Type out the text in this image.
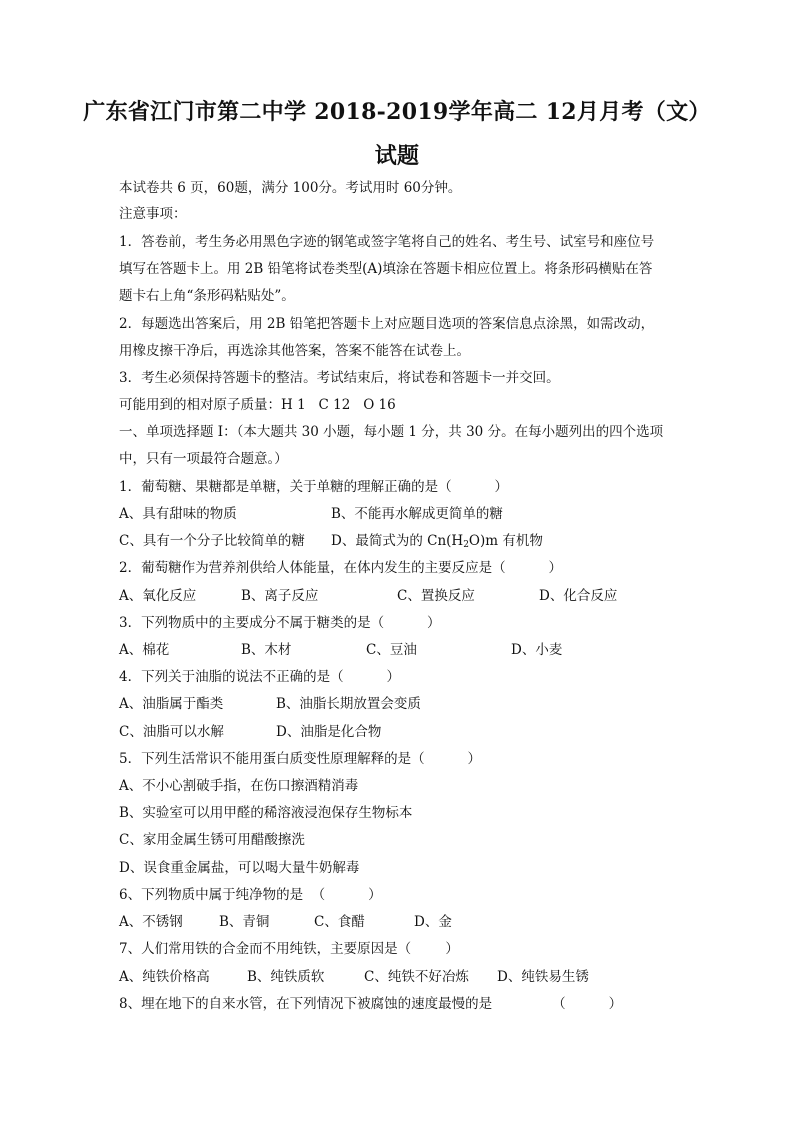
广东省江门市第二中学 2018-2019学年高二 12月月考（文）
试题
本试卷共 6 页，60题，满分 100分。考试用时 60分钟。
注意事项：
1．答卷前，考生务必用黑色字迹的钢笔或签字笔将自己的姓名、考生号、试室号和座位号
填写在答题卡上。用 2B 铅笔将试卷类型(A)填涂在答题卡相应位置上。将条形码横贴在答
题卡右上角“条形码粘贴处”。
2．每题选出答案后，用 2B 铅笔把答题卡上对应题目选项的答案信息点涂黑，如需改动，
用橡皮擦干净后，再选涂其他答案，答案不能答在试卷上。
3．考生必须保持答题卡的整洁。考试结束后，将试卷和答题卡一并交回。
可能用到的相对原子质量：H 1   C 12   O 16
一、单项选择题 I：（本大题共 30 小题，每小题 1 分，共 30 分。在每小题列出的四个选项
中，只有一项最符合题意。）
1．葡萄糖、果糖都是单糖，关于单糖的理解正确的是（          ）
A、具有甜味的物质	B、不能再水解成更简单的糖
C、具有一个分子比较简单的糖 D、最简式为的 $Cn(H_2O)m$ 有机物
2．葡萄糖作为营养剂供给人体能量，在体内发生的主要反应是（          ）
A、氧化反应	B、离子反应	C、置换反应	D、化合反应
3．下列物质中的主要成分不属于糖类的是（          ）
A、棉花	B、木材	C、豆油	D、小麦
4．下列关于油脂的说法不正确的是（          ）
A、油脂属于酯类	B、油脂长期放置会变质
C、油脂可以水解	D、油脂是化合物
5．下列生活常识不能用蛋白质变性原理解释的是（          ）
A、不小心割破手指，在伤口擦酒精消毒
B、实验室可以用甲醛的稀溶液浸泡保存生物标本
C、家用金属生锈可用醋酸擦洗
D、误食重金属盐，可以喝大量牛奶解毒
6、下列物质中属于纯净物的是  （          ）
A、不锈钢	B、青铜	C、食醋	D、金
7、人们常用铁的合金而不用纯铁，主要原因是（        ）
A、纯铁价格高	B、纯铁质软	C、纯铁不好冶炼 D、纯铁易生锈
8、埋在地下的自来水管，在下列情况下被腐蚀的速度最慢的是              （          ）
